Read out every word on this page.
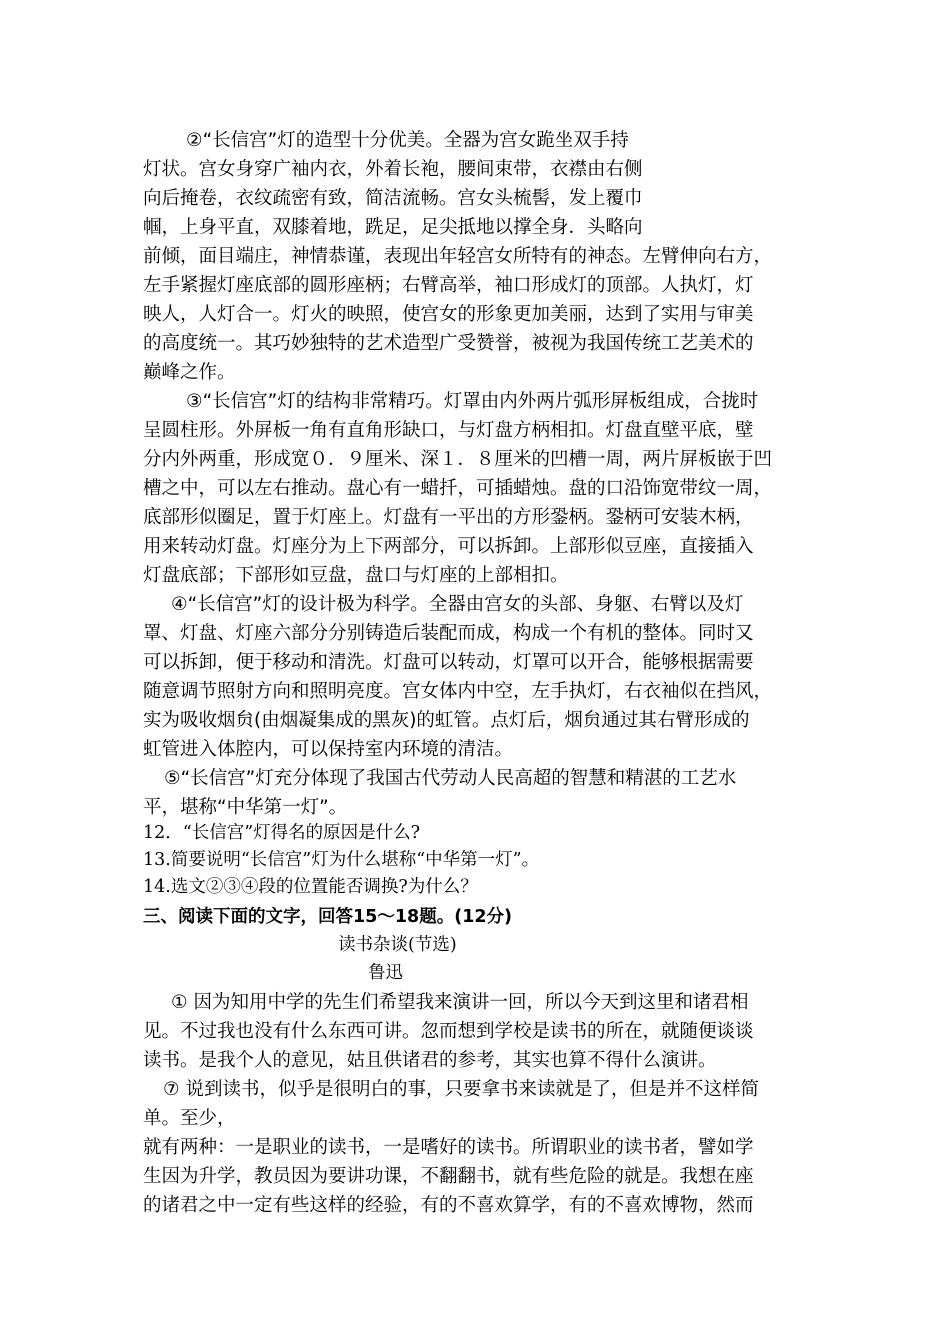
②“长信宫”灯的造型十分优美。全器为宫女跪坐双手持
灯状。宫女身穿广袖内衣，外着长袍，腰间束带，衣襟由右侧
向后掩卷，衣纹疏密有致，简洁流畅。宫女头梳髻，发上覆巾
帼，上身平直，双膝着地，跣足，足尖抵地以撑全身．头略向
前倾，面目端庄，神情恭谨，表现出年轻宫女所特有的神态。左臂伸向右方，
左手紧握灯座底部的圆形座柄；右臂高举，袖口形成灯的顶部。人执灯，灯
映人，人灯合一。灯火的映照，使宫女的形象更加美丽，达到了实用与审美
的高度统一。其巧妙独特的艺术造型广受赞誉，被视为我国传统工艺美术的
巅峰之作。
③“长信宫”灯的结构非常精巧。灯罩由内外两片弧形屏板组成，合拢时
呈圆柱形。外屏板一角有直角形缺口，与灯盘方柄相扣。灯盘直壁平底，壁
分内外两重，形成宽０．９厘米、深１．８厘米的凹槽一周，两片屏板嵌于凹
槽之中，可以左右推动。盘心有一蜡扦，可插蜡烛。盘的口沿饰宽带纹一周，
底部形似圈足，置于灯座上。灯盘有一平出的方形銎柄。銎柄可安装木柄，
用来转动灯盘。灯座分为上下两部分，可以拆卸。上部形似豆座，直接插入
灯盘底部；下部形如豆盘，盘口与灯座的上部相扣。
④“长信宫”灯的设计极为科学。全器由宫女的头部、身躯、右臂以及灯
罩、灯盘、灯座六部分分别铸造后装配而成，构成一个有机的整体。同时又
可以拆卸，便于移动和清洗。灯盘可以转动，灯罩可以开合，能够根据需要
随意调节照射方向和照明亮度。宫女体内中空，左手执灯，右衣袖似在挡风，
实为吸收烟贠(由烟凝集成的黑灰)的虹管。点灯后，烟贠通过其右臂形成的
虹管进入体腔内，可以保持室内环境的清洁。
⑤“长信宫”灯充分体现了我国古代劳动人民高超的智慧和精湛的工艺水
平，堪称“中华第一灯”。
12．“长信宫”灯得名的原因是什么?
13.简要说明“长信宫”灯为什么堪称“中华第一灯”。
14.选文②③④段的位置能否调换?为什么？
三、阅读下面的文字，回答15～18题。(12分)
读书杂谈(节选)
鲁迅
① 因为知用中学的先生们希望我来演讲一回，所以今天到这里和诸君相
见。不过我也没有什么东西可讲。忽而想到学校是读书的所在，就随便谈谈
读书。是我个人的意见，姑且供诸君的参考，其实也算不得什么演讲。
⑦ 说到读书，似乎是很明白的事，只要拿书来读就是了，但是并不这样简
单。至少，
就有两种：一是职业的读书，一是嗜好的读书。所谓职业的读书者，譬如学
生因为升学，教员因为要讲功课，不翻翻书，就有些危险的就是。我想在座
的诸君之中一定有些这样的经验，有的不喜欢算学，有的不喜欢博物，然而
